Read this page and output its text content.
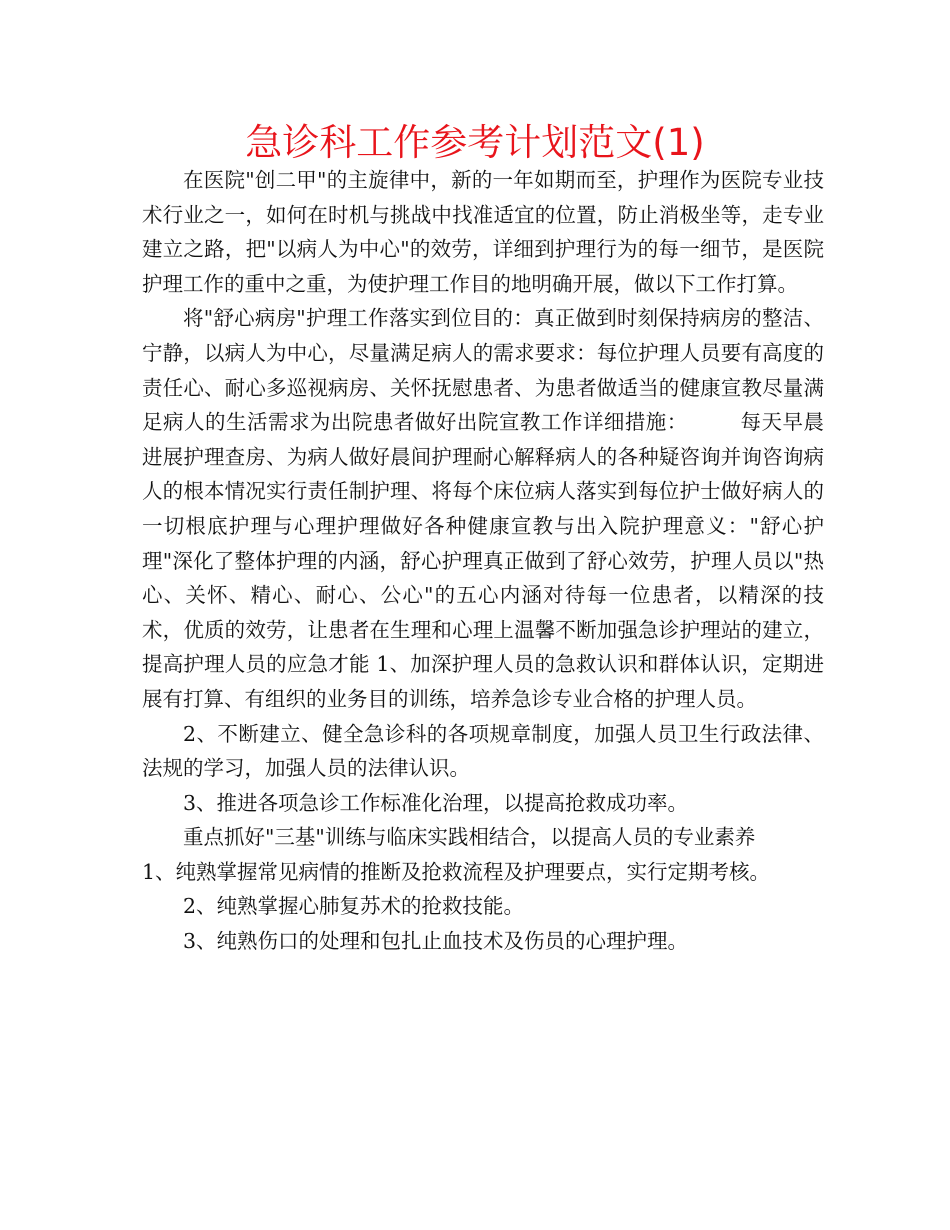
急诊科工作参考计划范文(1)

在医院"创二甲"的主旋律中，新的一年如期而至，护理作为医院专业技术行业之一，如何在时机与挑战中找准适宜的位置，防止消极坐等，走专业建立之路，把"以病人为中心"的效劳，详细到护理行为的每一细节，是医院护理工作的重中之重，为使护理工作目的地明确开展，做以下工作打算。

将"舒心病房"护理工作落实到位目的：真正做到时刻保持病房的整洁、宁静，以病人为中心，尽量满足病人的需求要求：每位护理人员要有高度的责任心、耐心多巡视病房、关怀抚慰患者、为患者做适当的健康宣教尽量满足病人的生活需求为出院患者做好出院宣教工作详细措施：　　　每天早晨进展护理查房、为病人做好晨间护理耐心解释病人的各种疑咨询并询咨询病人的根本情况实行责任制护理、将每个床位病人落实到每位护士做好病人的一切根底护理与心理护理做好各种健康宣教与出入院护理意义："舒心护理"深化了整体护理的内涵，舒心护理真正做到了舒心效劳，护理人员以"热心、关怀、精心、耐心、公心"的五心内涵对待每一位患者，以精深的技术，优质的效劳，让患者在生理和心理上温馨不断加强急诊护理站的建立，提高护理人员的应急才能 1、加深护理人员的急救认识和群体认识，定期进展有打算、有组织的业务目的训练，培养急诊专业合格的护理人员。

2、不断建立、健全急诊科的各项规章制度，加强人员卫生行政法律、法规的学习，加强人员的法律认识。

3、推进各项急诊工作标准化治理，以提高抢救成功率。

重点抓好"三基"训练与临床实践相结合，以提高人员的专业素养

1、纯熟掌握常见病情的推断及抢救流程及护理要点，实行定期考核。

2、纯熟掌握心肺复苏术的抢救技能。

3、纯熟伤口的处理和包扎止血技术及伤员的心理护理。
